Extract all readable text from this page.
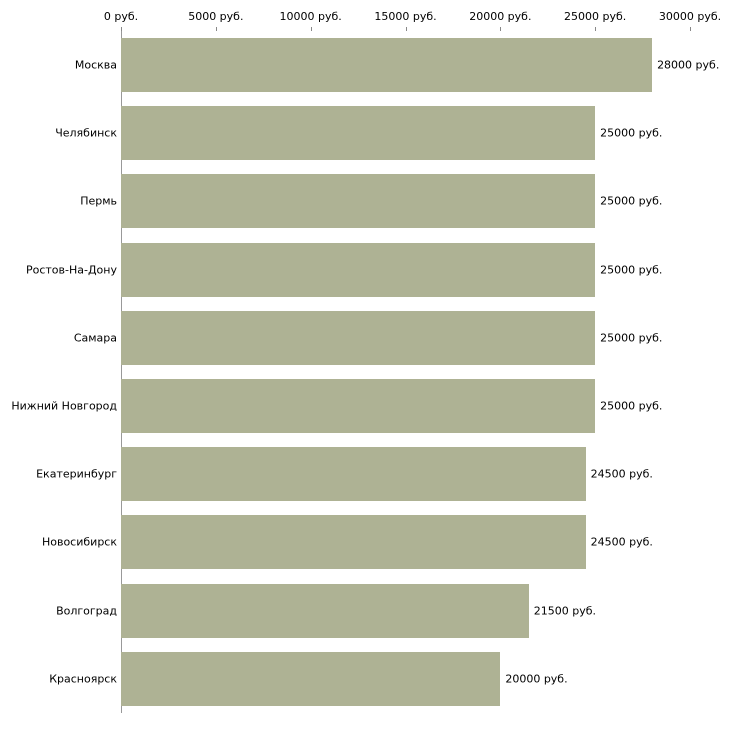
0 руб.	5000 руб.	10000 руб.	15000 руб.	20000 руб.	25000 руб.	30000 руб.
Москва	28000 руб.
Челябинск	25000 руб.
Пермь	25000 руб.
Ростов-На-Дону	25000 руб.
Самара	25000 руб.
Нижний Новгород	25000 руб.
Екатеринбург	24500 руб.
Новосибирск	24500 руб.
Волгоград	21500 руб.
Красноярск	20000 руб.
